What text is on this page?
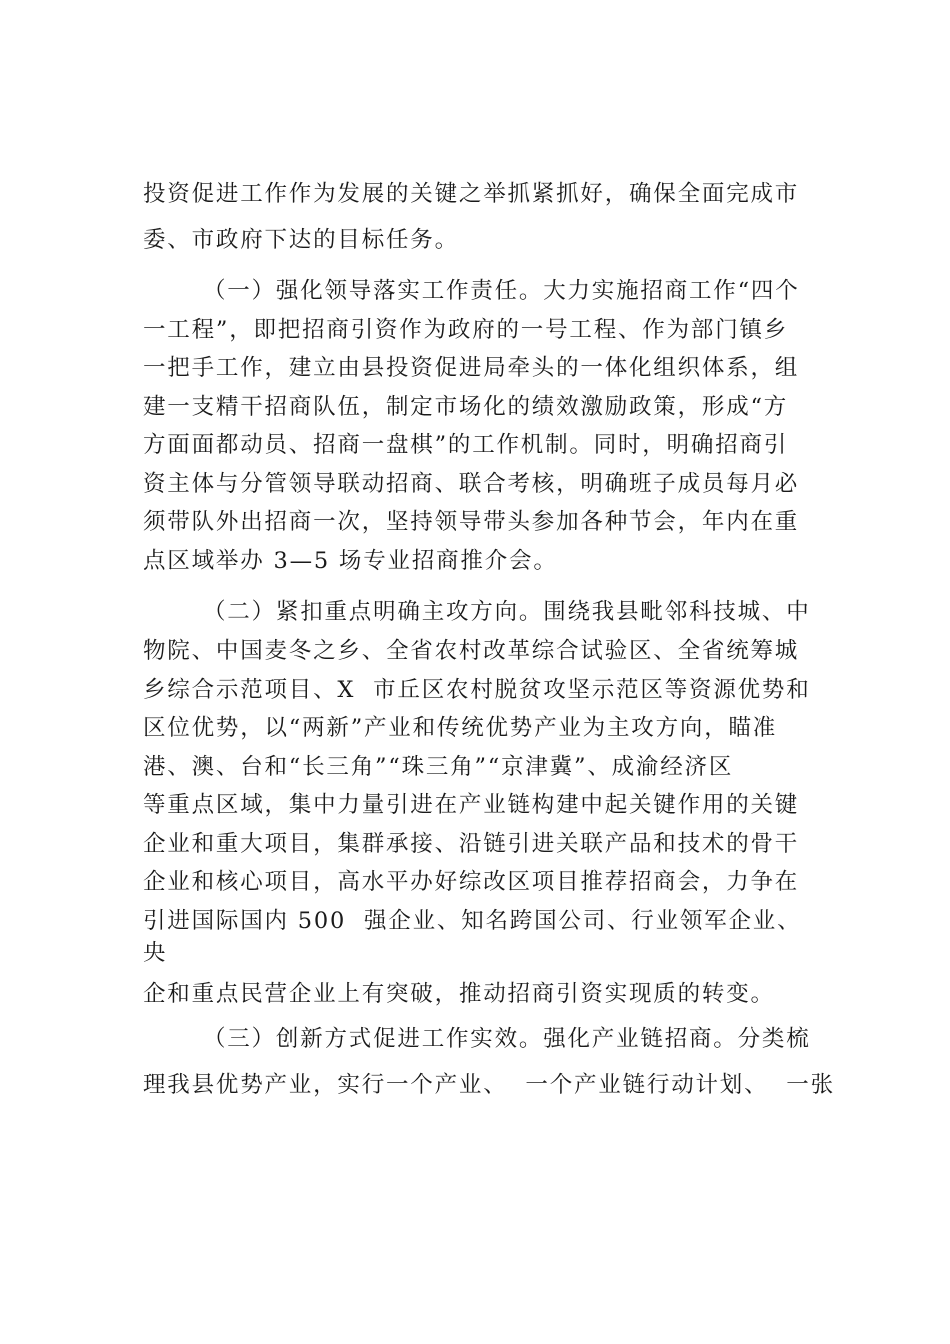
投资促进工作作为发展的关键之举抓紧抓好，确保全面完成市
委、市政府下达的目标任务。
（一）强化领导落实工作责任。大力实施招商工作“四个
一工程”，即把招商引资作为政府的一号工程、作为部门镇乡
一把手工作，建立由县投资促进局牵头的一体化组织体系，组
建一支精干招商队伍，制定市场化的绩效激励政策，形成“方
方面面都动员、招商一盘棋”的工作机制。同时，明确招商引
资主体与分管领导联动招商、联合考核，明确班子成员每月必
须带队外出招商一次，坚持领导带头参加各种节会，年内在重
点区域举办 3—5 场专业招商推介会。
（二）紧扣重点明确主攻方向。围绕我县毗邻科技城、中
物院、中国麦冬之乡、全省农村改革综合试验区、全省统筹城
乡综合示范项目、X  市丘区农村脱贫攻坚示范区等资源优势和
区位优势，以“两新”产业和传统优势产业为主攻方向，瞄准
港、澳、台和“长三角”“珠三角”“京津冀”、成渝经济区
等重点区域，集中力量引进在产业链构建中起关键作用的关键
企业和重大项目，集群承接、沿链引进关联产品和技术的骨干
企业和核心项目，高水平办好综改区项目推荐招商会，力争在
引进国际国内 500  强企业、知名跨国公司、行业领军企业、
央
企和重点民营企业上有突破，推动招商引资实现质的转变。
（三）创新方式促进工作实效。强化产业链招商。分类梳
理我县优势产业，实行一个产业、  一个产业链行动计划、  一张
